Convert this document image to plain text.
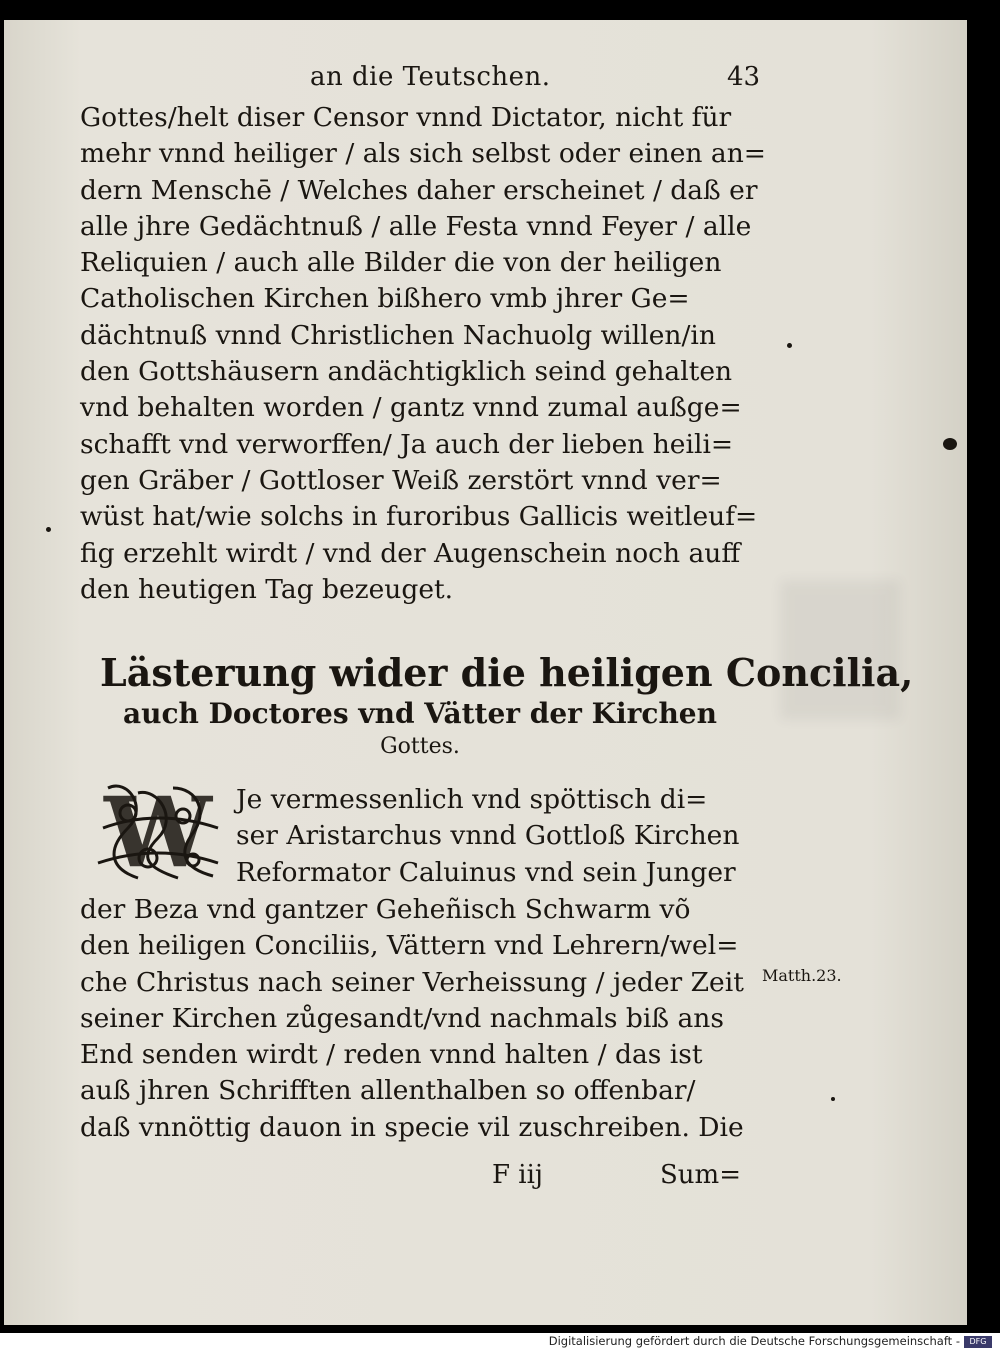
an die Teutschen.	43
Gottes/helt diser Censor vnnd Dictator, nicht für
mehr vnnd heiliger / als sich selbst oder einen an=
dern Menschē / Welches daher erscheinet / daß er
alle jhre Gedächtnuß / alle Festa vnnd Feyer / alle
Reliquien / auch alle Bilder die von der heiligen
Catholischen Kirchen bißhero vmb jhrer Ge=
dächtnuß vnnd Christlichen Nachuolg willen/in
den Gottshäusern andächtigklich seind gehalten
vnd behalten worden / gantz vnnd zumal außge=
schafft vnd verworffen/ Ja auch der lieben heili=
gen Gräber / Gottloser Weiß zerstört vnnd ver=
wüst hat/wie solchs in furoribus Gallicis weitleuf=
fig erzehlt wirdt / vnd der Augenschein noch auff
den heutigen Tag bezeuget.
Lästerung wider die heiligen Concilia,
auch Doctores vnd Vätter der Kirchen
Gottes.
W Je vermessenlich vnd spöttisch di=
ser Aristarchus vnnd Gottloß Kirchen
Reformator Caluinus vnd sein Junger
der Beza vnd gantzer Geheñisch Schwarm võ
den heiligen Conciliis, Vättern vnd Lehrern/wel=
che Christus nach seiner Verheissung / jeder Zeit
seiner Kirchen zůgesandt/vnd nachmals biß ans
End senden wirdt / reden vnnd halten / das ist
auß jhren Schrifften allenthalben so offenbar/
daß vnnöttig dauon in specie vil zuschreiben. Die
Matth.23.
F iij	Sum=
Digitalisierung gefördert durch die Deutsche Forschungsgemeinschaft -	DFG
